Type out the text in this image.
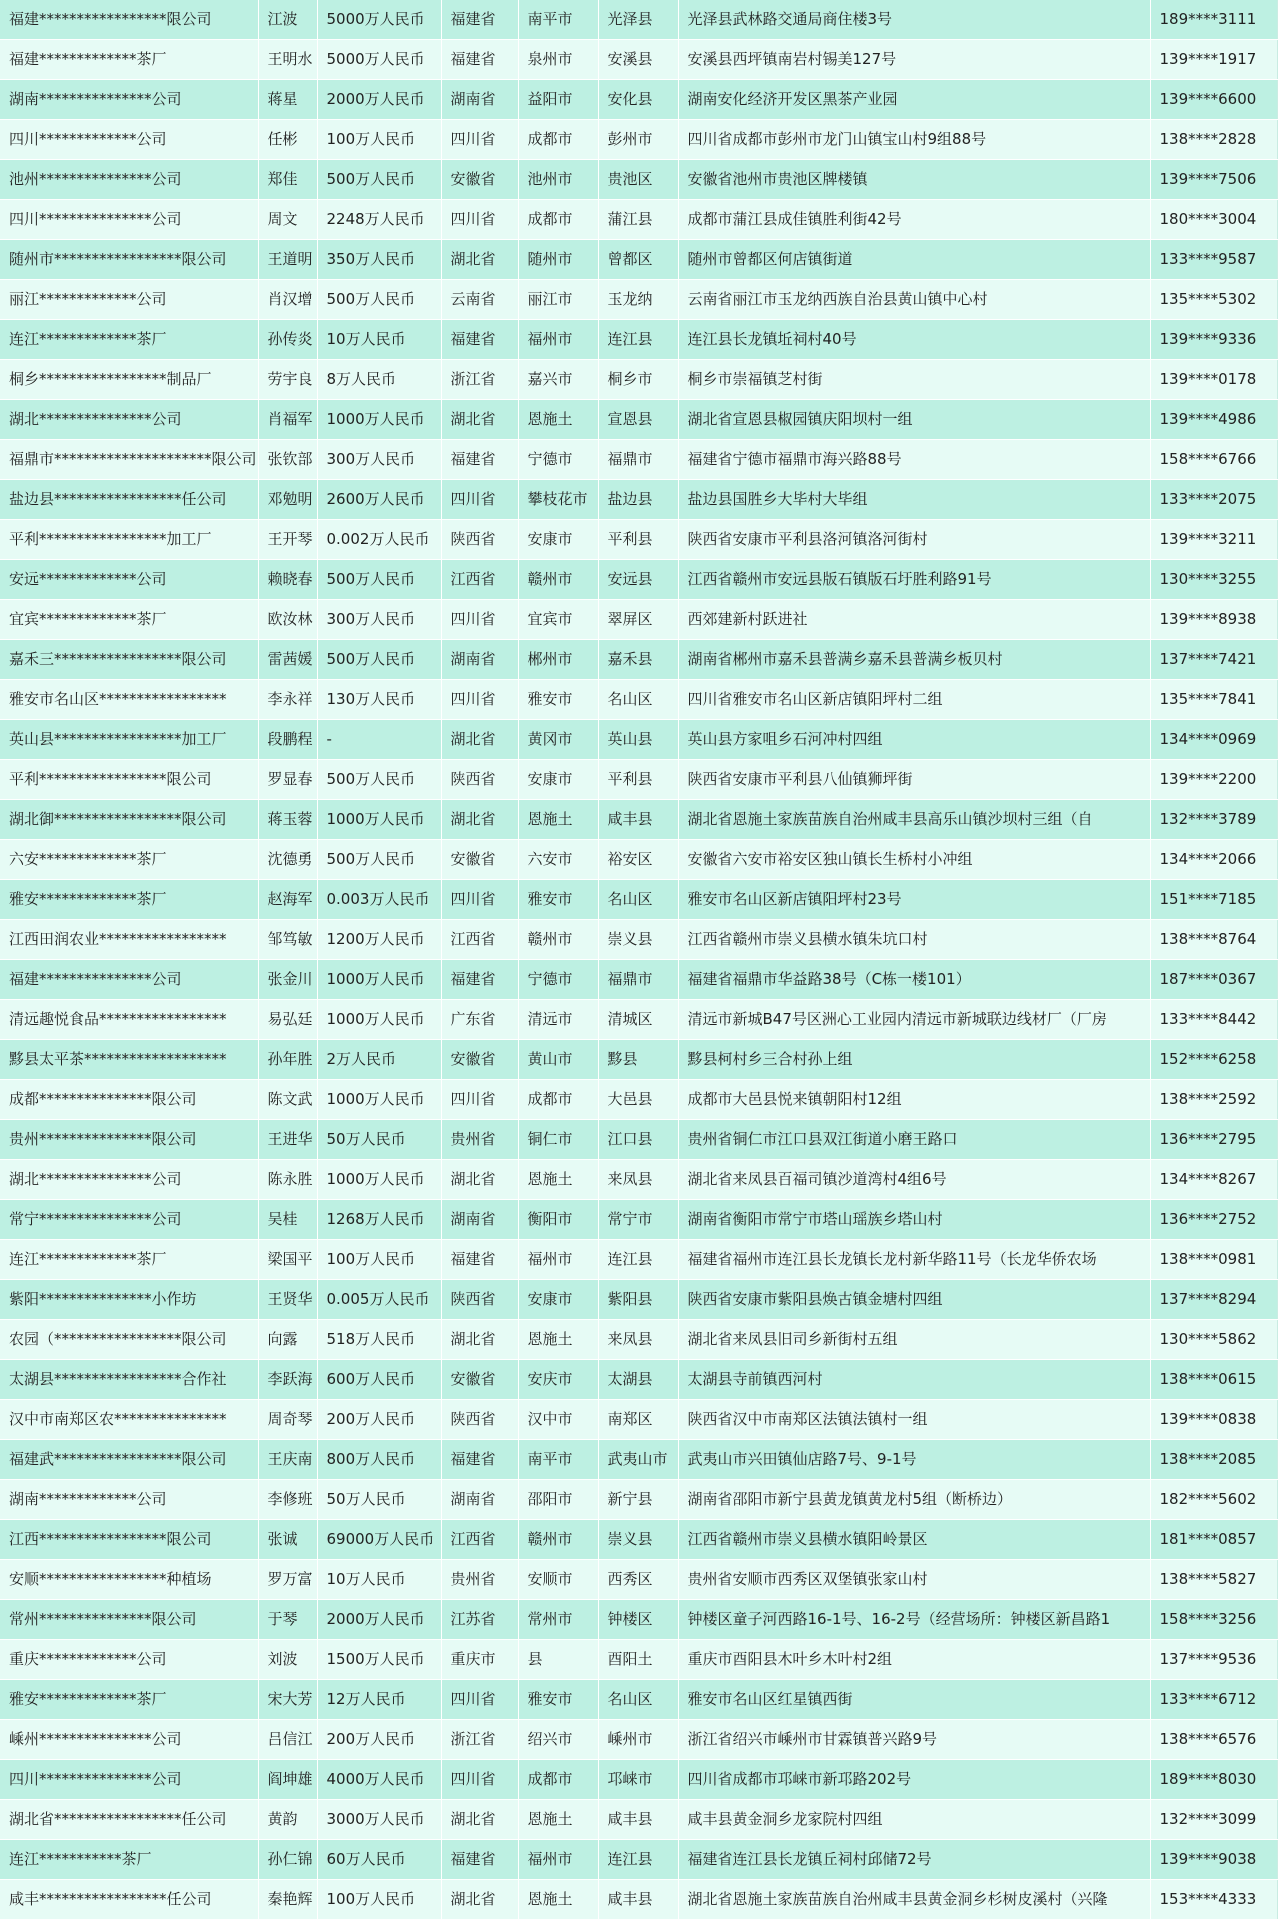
福建*****************限公司	江波	5000万人民币	福建省	南平市	光泽县	光泽县武林路交通局商住楼3号	189****3111
福建*************茶厂	王明水	5000万人民币	福建省	泉州市	安溪县	安溪县西坪镇南岩村锡美127号	139****1917
湖南***************公司	蒋星	2000万人民币	湖南省	益阳市	安化县	湖南安化经济开发区黑茶产业园	139****6600
四川*************公司	任彬	100万人民币	四川省	成都市	彭州市	四川省成都市彭州市龙门山镇宝山村9组88号	138****2828
池州***************公司	郑佳	500万人民币	安徽省	池州市	贵池区	安徽省池州市贵池区牌楼镇	139****7506
四川***************公司	周文	2248万人民币	四川省	成都市	蒲江县	成都市蒲江县成佳镇胜利街42号	180****3004
随州市*****************限公司	王道明	350万人民币	湖北省	随州市	曾都区	随州市曾都区何店镇街道	133****9587
丽江*************公司	肖汉增	500万人民币	云南省	丽江市	玉龙纳	云南省丽江市玉龙纳西族自治县黄山镇中心村	135****5302
连江*************茶厂	孙传炎	10万人民币	福建省	福州市	连江县	连江县长龙镇坵祠村40号	139****9336
桐乡*****************制品厂	劳宇良	8万人民币	浙江省	嘉兴市	桐乡市	桐乡市崇福镇芝村街	139****0178
湖北***************公司	肖福军	1000万人民币	湖北省	恩施土	宣恩县	湖北省宣恩县椒园镇庆阳坝村一组	139****4986
福鼎市*********************限公司	张钦部	300万人民币	福建省	宁德市	福鼎市	福建省宁德市福鼎市海兴路88号	158****6766
盐边县*****************任公司	邓勉明	2600万人民币	四川省	攀枝花市	盐边县	盐边县国胜乡大毕村大毕组	133****2075
平利*****************加工厂	王开琴	0.002万人民币	陕西省	安康市	平利县	陕西省安康市平利县洛河镇洛河街村	139****3211
安远*************公司	赖晓春	500万人民币	江西省	赣州市	安远县	江西省赣州市安远县版石镇版石圩胜利路91号	130****3255
宜宾*************茶厂	欧汝林	300万人民币	四川省	宜宾市	翠屏区	西郊建新村跃进社	139****8938
嘉禾三*****************限公司	雷茜媛	500万人民币	湖南省	郴州市	嘉禾县	湖南省郴州市嘉禾县普满乡嘉禾县普满乡板贝村	137****7421
雅安市名山区*****************	李永祥	130万人民币	四川省	雅安市	名山区	四川省雅安市名山区新店镇阳坪村二组	135****7841
英山县*****************加工厂	段鹏程	-	湖北省	黄冈市	英山县	英山县方家咀乡石河冲村四组	134****0969
平利*****************限公司	罗显春	500万人民币	陕西省	安康市	平利县	陕西省安康市平利县八仙镇狮坪街	139****2200
湖北御*****************限公司	蒋玉蓉	1000万人民币	湖北省	恩施土	咸丰县	湖北省恩施土家族苗族自治州咸丰县高乐山镇沙坝村三组（自	132****3789
六安*************茶厂	沈德勇	500万人民币	安徽省	六安市	裕安区	安徽省六安市裕安区独山镇长生桥村小冲组	134****2066
雅安*************茶厂	赵海军	0.003万人民币	四川省	雅安市	名山区	雅安市名山区新店镇阳坪村23号	151****7185
江西田润农业*****************	邹笃敏	1200万人民币	江西省	赣州市	崇义县	江西省赣州市崇义县横水镇朱坑口村	138****8764
福建***************公司	张金川	1000万人民币	福建省	宁德市	福鼎市	福建省福鼎市华益路38号（C栋一楼101）	187****0367
清远趣悦食品*****************	易弘廷	1000万人民币	广东省	清远市	清城区	清远市新城B47号区洲心工业园内清远市新城联边线材厂（厂房	133****8442
黟县太平茶*******************	孙年胜	2万人民币	安徽省	黄山市	黟县	黟县柯村乡三合村孙上组	152****6258
成都***************限公司	陈文武	1000万人民币	四川省	成都市	大邑县	成都市大邑县悦来镇朝阳村12组	138****2592
贵州***************限公司	王进华	50万人民币	贵州省	铜仁市	江口县	贵州省铜仁市江口县双江街道小磨王路口	136****2795
湖北***************公司	陈永胜	1000万人民币	湖北省	恩施土	来凤县	湖北省来凤县百福司镇沙道湾村4组6号	134****8267
常宁***************公司	吴桂	1268万人民币	湖南省	衡阳市	常宁市	湖南省衡阳市常宁市塔山瑶族乡塔山村	136****2752
连江*************茶厂	梁国平	100万人民币	福建省	福州市	连江县	福建省福州市连江县长龙镇长龙村新华路11号（长龙华侨农场	138****0981
紫阳***************小作坊	王贤华	0.005万人民币	陕西省	安康市	紫阳县	陕西省安康市紫阳县焕古镇金塘村四组	137****8294
农园（*****************限公司	向露	518万人民币	湖北省	恩施土	来凤县	湖北省来凤县旧司乡新街村五组	130****5862
太湖县*****************合作社	李跃海	600万人民币	安徽省	安庆市	太湖县	太湖县寺前镇西河村	138****0615
汉中市南郑区农***************	周奇琴	200万人民币	陕西省	汉中市	南郑区	陕西省汉中市南郑区法镇法镇村一组	139****0838
福建武*****************限公司	王庆南	800万人民币	福建省	南平市	武夷山市	武夷山市兴田镇仙店路7号、9-1号	138****2085
湖南*************公司	李修班	50万人民币	湖南省	邵阳市	新宁县	湖南省邵阳市新宁县黄龙镇黄龙村5组（断桥边）	182****5602
江西*****************限公司	张诚	69000万人民币	江西省	赣州市	崇义县	江西省赣州市崇义县横水镇阳岭景区	181****0857
安顺*****************种植场	罗万富	10万人民币	贵州省	安顺市	西秀区	贵州省安顺市西秀区双堡镇张家山村	138****5827
常州***************限公司	于琴	2000万人民币	江苏省	常州市	钟楼区	钟楼区童子河西路16-1号、16-2号（经营场所：钟楼区新昌路1	158****3256
重庆*************公司	刘波	1500万人民币	重庆市	县	酉阳土	重庆市酉阳县木叶乡木叶村2组	137****9536
雅安*************茶厂	宋大芳	12万人民币	四川省	雅安市	名山区	雅安市名山区红星镇西街	133****6712
嵊州***************公司	吕信江	200万人民币	浙江省	绍兴市	嵊州市	浙江省绍兴市嵊州市甘霖镇普兴路9号	138****6576
四川***************公司	阎坤雄	4000万人民币	四川省	成都市	邛崃市	四川省成都市邛崃市新邛路202号	189****8030
湖北省*****************任公司	黄韵	3000万人民币	湖北省	恩施土	咸丰县	咸丰县黄金洞乡龙家院村四组	132****3099
连江***********茶厂	孙仁锦	60万人民币	福建省	福州市	连江县	福建省连江县长龙镇丘祠村邱储72号	139****9038
咸丰*****************任公司	秦艳辉	100万人民币	湖北省	恩施土	咸丰县	湖北省恩施土家族苗族自治州咸丰县黄金洞乡杉树皮溪村（兴隆	153****4333
